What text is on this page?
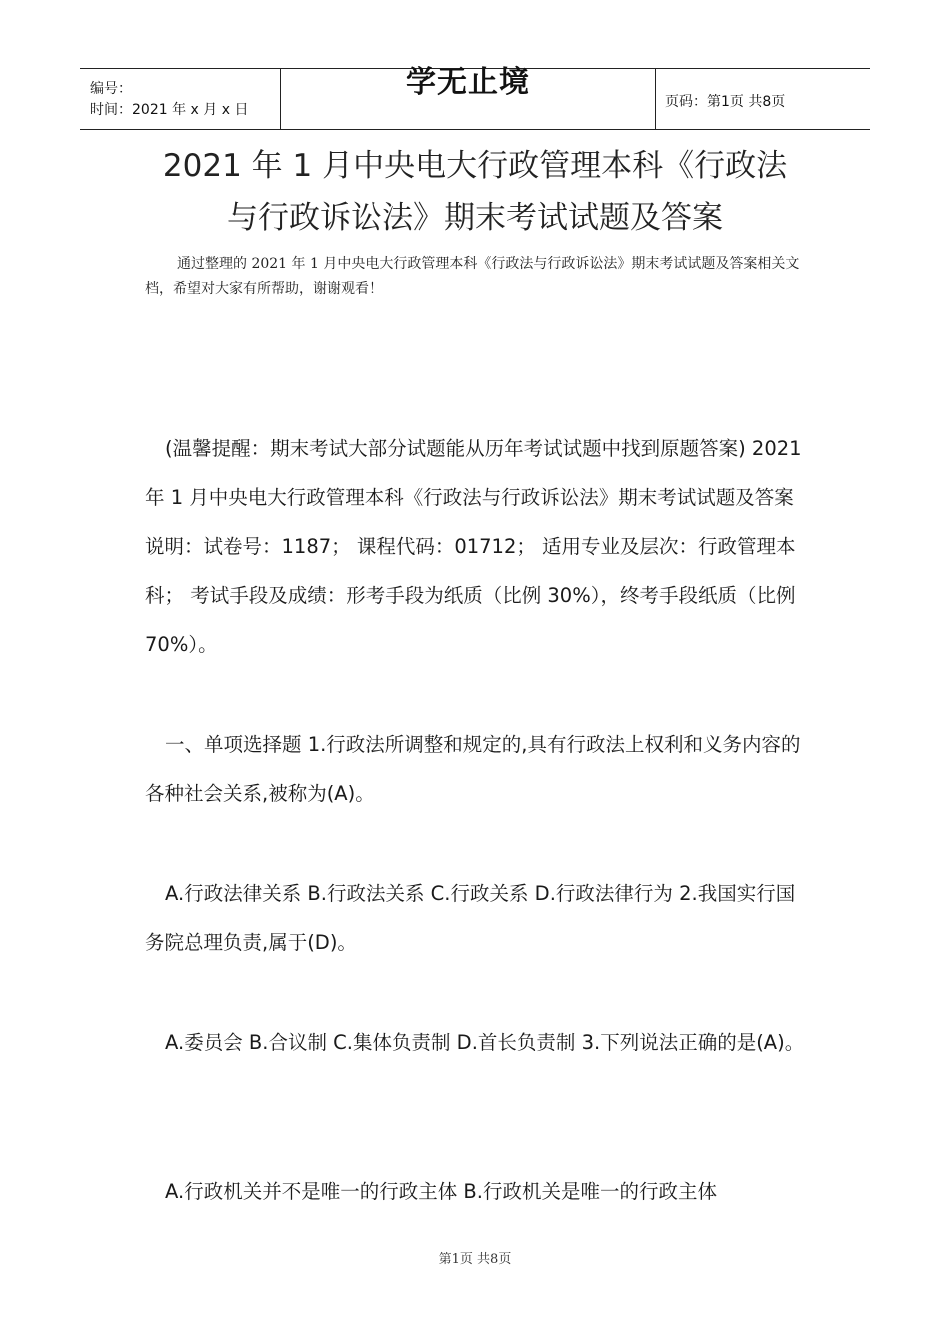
编号：
时间：2021 年 x 月 x 日
学无止境
页码：第1页 共8页
2021 年 1 月中央电大行政管理本科《行政法
与行政诉讼法》期末考试试题及答案
通过整理的 2021 年 1 月中央电大行政管理本科《行政法与行政诉讼法》期末考试试题及答案相关文档，希望对大家有所帮助，谢谢观看！
(温馨提醒：期末考试大部分试题能从历年考试试题中找到原题答案) 2021 年 1 月中央电大行政管理本科《行政法与行政诉讼法》期末考试试题及答案 说明：试卷号：1187； 课程代码：01712； 适用专业及层次：行政管理本科； 考试手段及成绩：形考手段为纸质（比例 30%），终考手段纸质（比例 70%）。
一、单项选择题 1.行政法所调整和规定的,具有行政法上权利和义务内容的各种社会关系,被称为(A)。
A.行政法律关系 B.行政法关系 C.行政关系 D.行政法律行为 2.我国实行国务院总理负责,属于(D)。
A.委员会 B.合议制 C.集体负责制 D.首长负责制 3.下列说法正确的是(A)。
A.行政机关并不是唯一的行政主体 B.行政机关是唯一的行政主体
第1页 共8页
